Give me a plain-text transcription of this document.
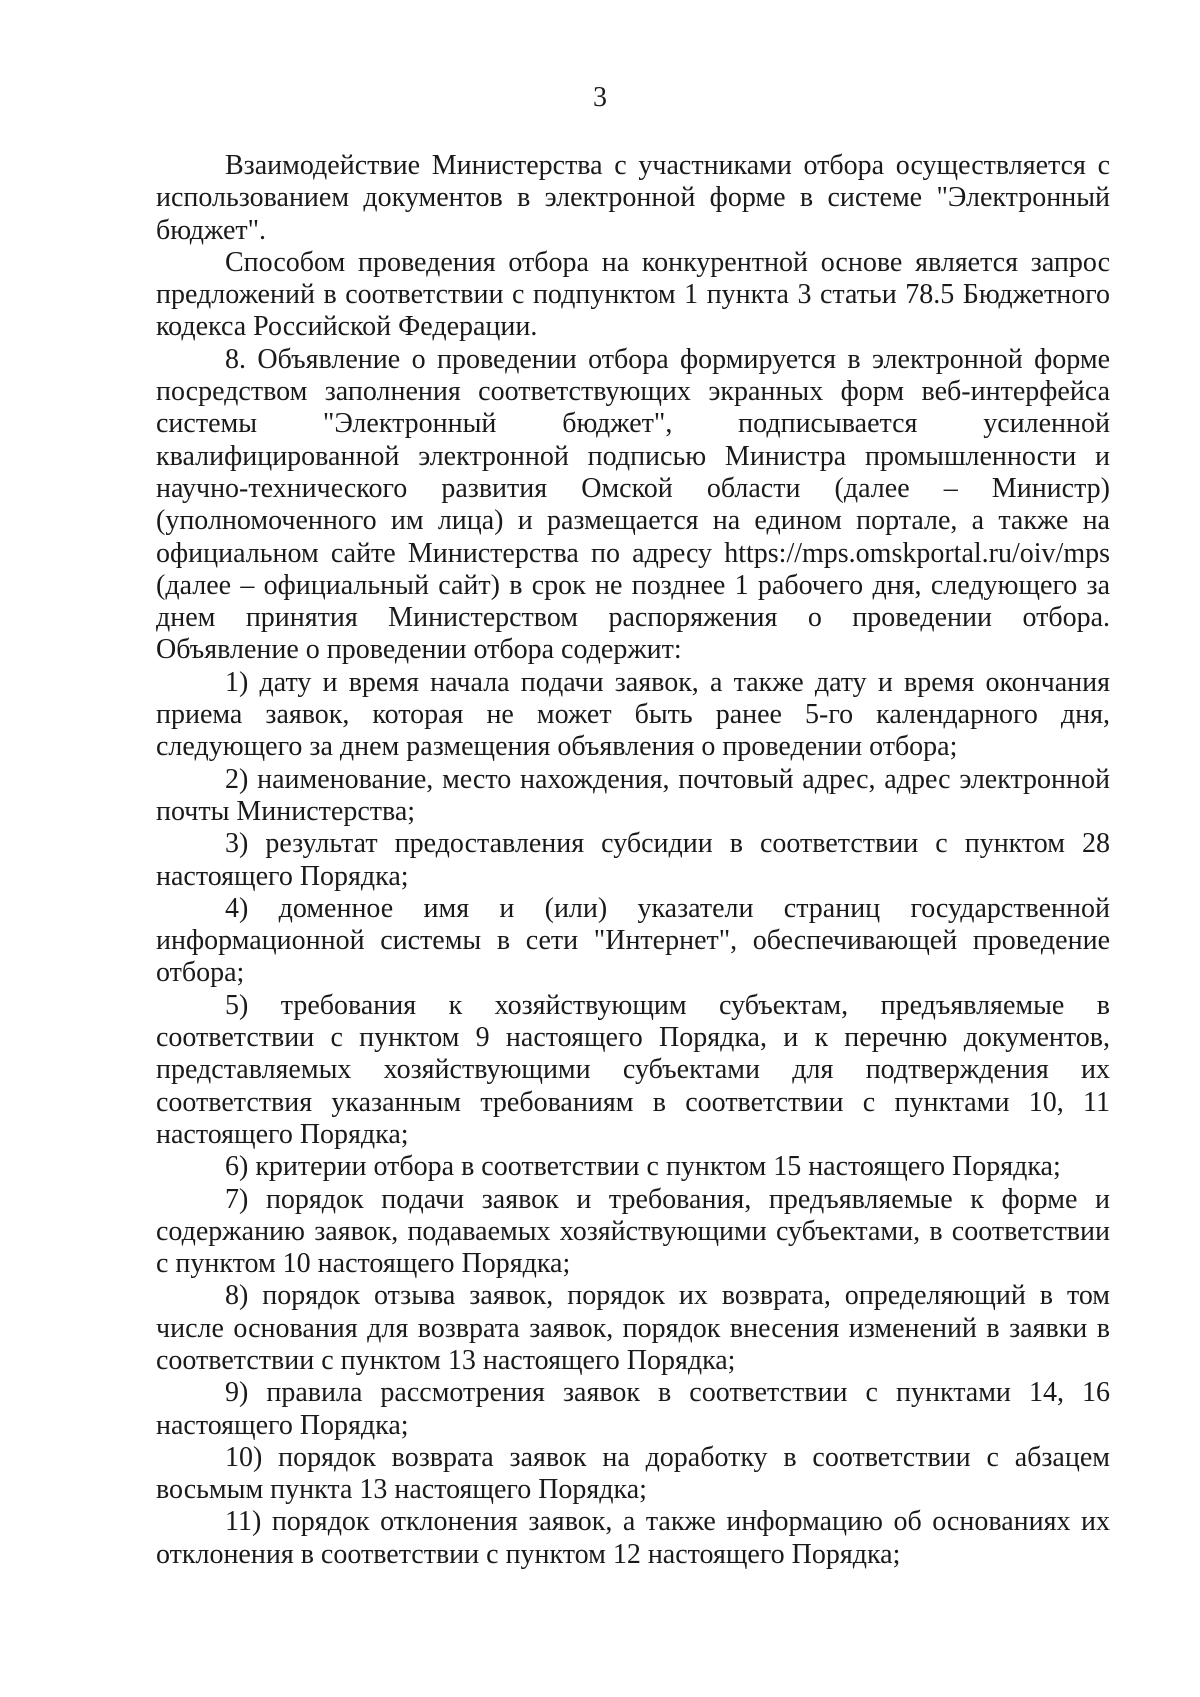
3

Взаимодействие Министерства с участниками отбора осуществляется с использованием документов в электронной форме в системе "Электронный бюджет".

Способом проведения отбора на конкурентной основе является запрос предложений в соответствии с подпунктом 1 пункта 3 статьи 78.5 Бюджетного кодекса Российской Федерации.

8. Объявление о проведении отбора формируется в электронной форме посредством заполнения соответствующих экранных форм веб-интерфейса системы "Электронный бюджет", подписывается усиленной квалифицированной электронной подписью Министра промышленности и научно-технического развития Омской области (далее – Министр) (уполномоченного им лица) и размещается на едином портале, а также на официальном сайте Министерства по адресу https://mps.omskportal.ru/oiv/mps (далее – официальный сайт) в срок не позднее 1 рабочего дня, следующего за днем принятия Министерством распоряжения о проведении отбора. Объявление о проведении отбора содержит:

1) дату и время начала подачи заявок, а также дату и время окончания приема заявок, которая не может быть ранее 5-го календарного дня, следующего за днем размещения объявления о проведении отбора;

2) наименование, место нахождения, почтовый адрес, адрес электронной почты Министерства;

3) результат предоставления субсидии в соответствии с пунктом 28 настоящего Порядка;

4) доменное имя и (или) указатели страниц государственной информационной системы в сети "Интернет", обеспечивающей проведение отбора;

5) требования к хозяйствующим субъектам, предъявляемые в соответствии с пунктом 9 настоящего Порядка, и к перечню документов, представляемых хозяйствующими субъектами для подтверждения их соответствия указанным требованиям в соответствии с пунктами 10, 11 настоящего Порядка;

6) критерии отбора в соответствии с пунктом 15 настоящего Порядка;

7) порядок подачи заявок и требования, предъявляемые к форме и содержанию заявок, подаваемых хозяйствующими субъектами, в соответствии с пунктом 10 настоящего Порядка;

8) порядок отзыва заявок, порядок их возврата, определяющий в том числе основания для возврата заявок, порядок внесения изменений в заявки в соответствии с пунктом 13 настоящего Порядка;

9) правила рассмотрения заявок в соответствии с пунктами 14, 16 настоящего Порядка;

10) порядок возврата заявок на доработку в соответствии с абзацем восьмым пункта 13 настоящего Порядка;

11) порядок отклонения заявок, а также информацию об основаниях их отклонения в соответствии с пунктом 12 настоящего Порядка;
